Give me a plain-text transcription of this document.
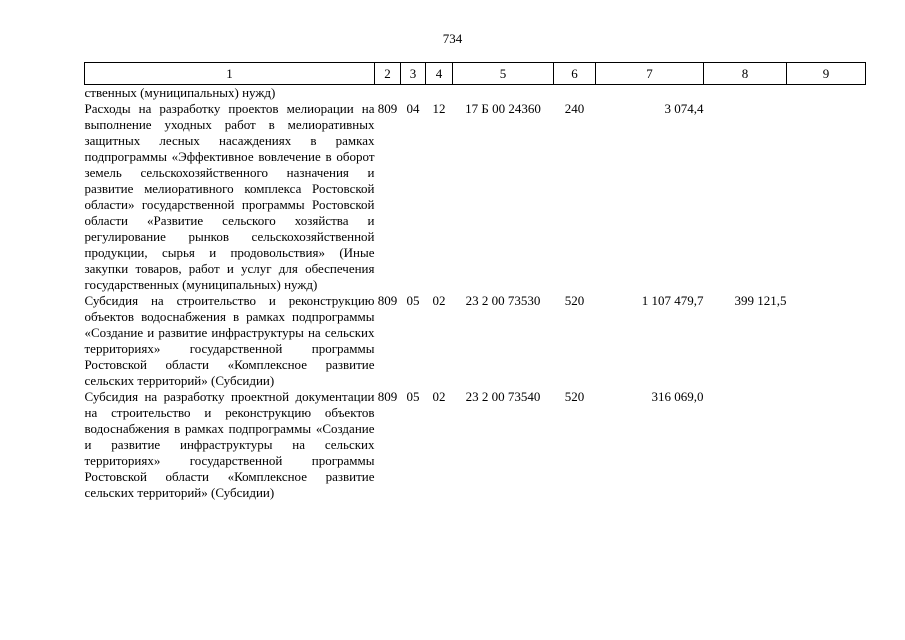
734
1	2	3	4	5	6	7	8	9
ственных (муниципальных) нужд)								
Расходы на разработку проектов мелиорации на выполнение уходных работ в мелиоративных защитных лесных насаждениях в рамках подпрограммы «Эффективное вовлечение в оборот земель сельскохозяйственного назначения и развитие мелиоративного комплекса Ростовской области» государственной программы Ростовской области «Развитие сельского хозяйства и регулирование рынков сельскохозяйственной продукции, сырья и продовольствия» (Иные закупки товаров, работ и услуг для обеспечения государственных (муниципальных) нужд)	809	04	12	17 Б 00 24360	240	3 074,4		
Субсидия на строительство и реконструкцию объектов водоснабжения в рамках подпрограммы «Создание и развитие инфраструктуры на сельских территориях» государственной программы Ростовской области «Комплексное развитие сельских территорий» (Субсидии)	809	05	02	23 2 00 73530	520	1 107 479,7	399 121,5	
Субсидия на разработку проектной документации на строительство и реконструкцию объектов водоснабжения в рамках подпрограммы «Создание и развитие инфраструктуры на сельских территориях» государственной программы Ростовской области «Комплексное развитие сельских территорий» (Субсидии)	809	05	02	23 2 00 73540	520	316 069,0		
